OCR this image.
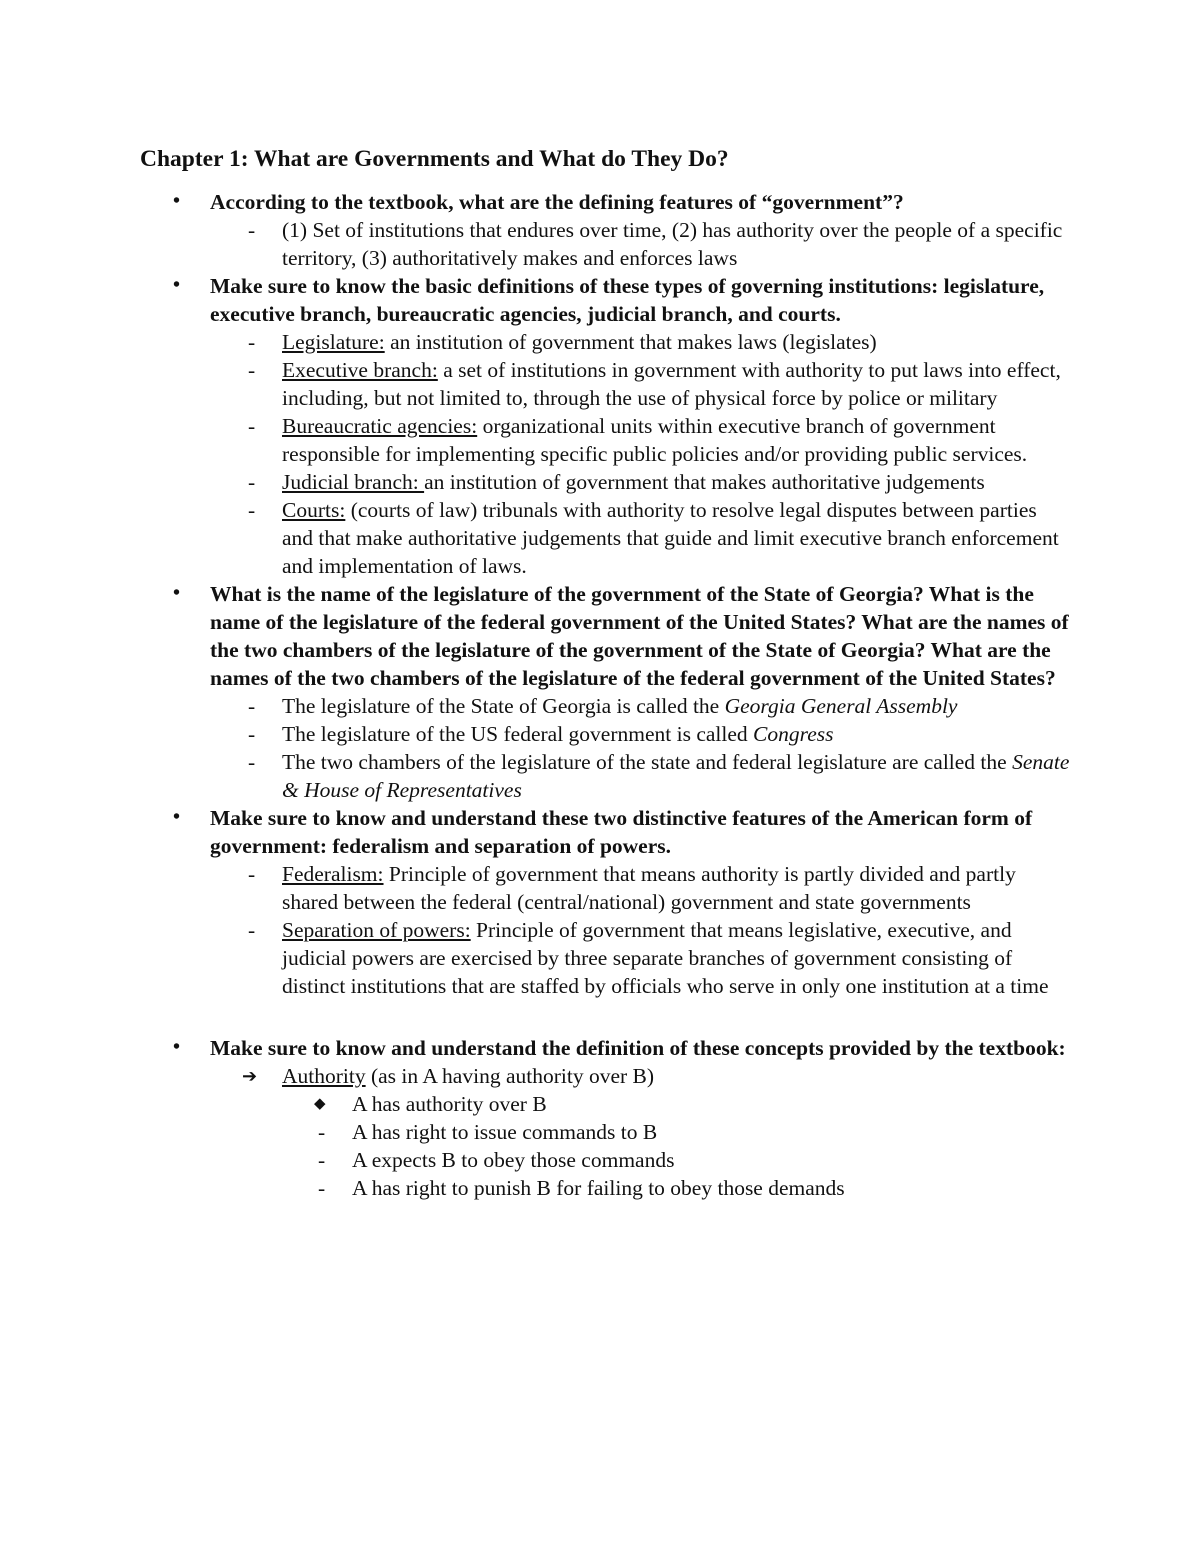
Chapter 1: What are Governments and What do They Do?
• According to the textbook, what are the defining features of “government”?
- (1) Set of institutions that endures over time, (2) has authority over the people of a specific territory, (3) authoritatively makes and enforces laws
• Make sure to know the basic definitions of these types of governing institutions: legislature, executive branch, bureaucratic agencies, judicial branch, and courts.
- Legislature: an institution of government that makes laws (legislates)
- Executive branch: a set of institutions in government with authority to put laws into effect, including, but not limited to, through the use of physical force by police or military
- Bureaucratic agencies: organizational units within executive branch of government responsible for implementing specific public policies and/or providing public services.
- Judicial branch: an institution of government that makes authoritative judgements
- Courts: (courts of law) tribunals with authority to resolve legal disputes between parties and that make authoritative judgements that guide and limit executive branch enforcement and implementation of laws.
• What is the name of the legislature of the government of the State of Georgia? What is the name of the legislature of the federal government of the United States? What are the names of the two chambers of the legislature of the government of the State of Georgia? What are the names of the two chambers of the legislature of the federal government of the United States?
- The legislature of the State of Georgia is called the Georgia General Assembly
- The legislature of the US federal government is called Congress
- The two chambers of the legislature of the state and federal legislature are called the Senate & House of Representatives
• Make sure to know and understand these two distinctive features of the American form of government: federalism and separation of powers.
- Federalism: Principle of government that means authority is partly divided and partly shared between the federal (central/national) government and state governments
- Separation of powers: Principle of government that means legislative, executive, and judicial powers are exercised by three separate branches of government consisting of distinct institutions that are staffed by officials who serve in only one institution at a time
• Make sure to know and understand the definition of these concepts provided by the textbook:
➔ Authority (as in A having authority over B)
◆ A has authority over B
- A has right to issue commands to B
- A expects B to obey those commands
- A has right to punish B for failing to obey those demands
